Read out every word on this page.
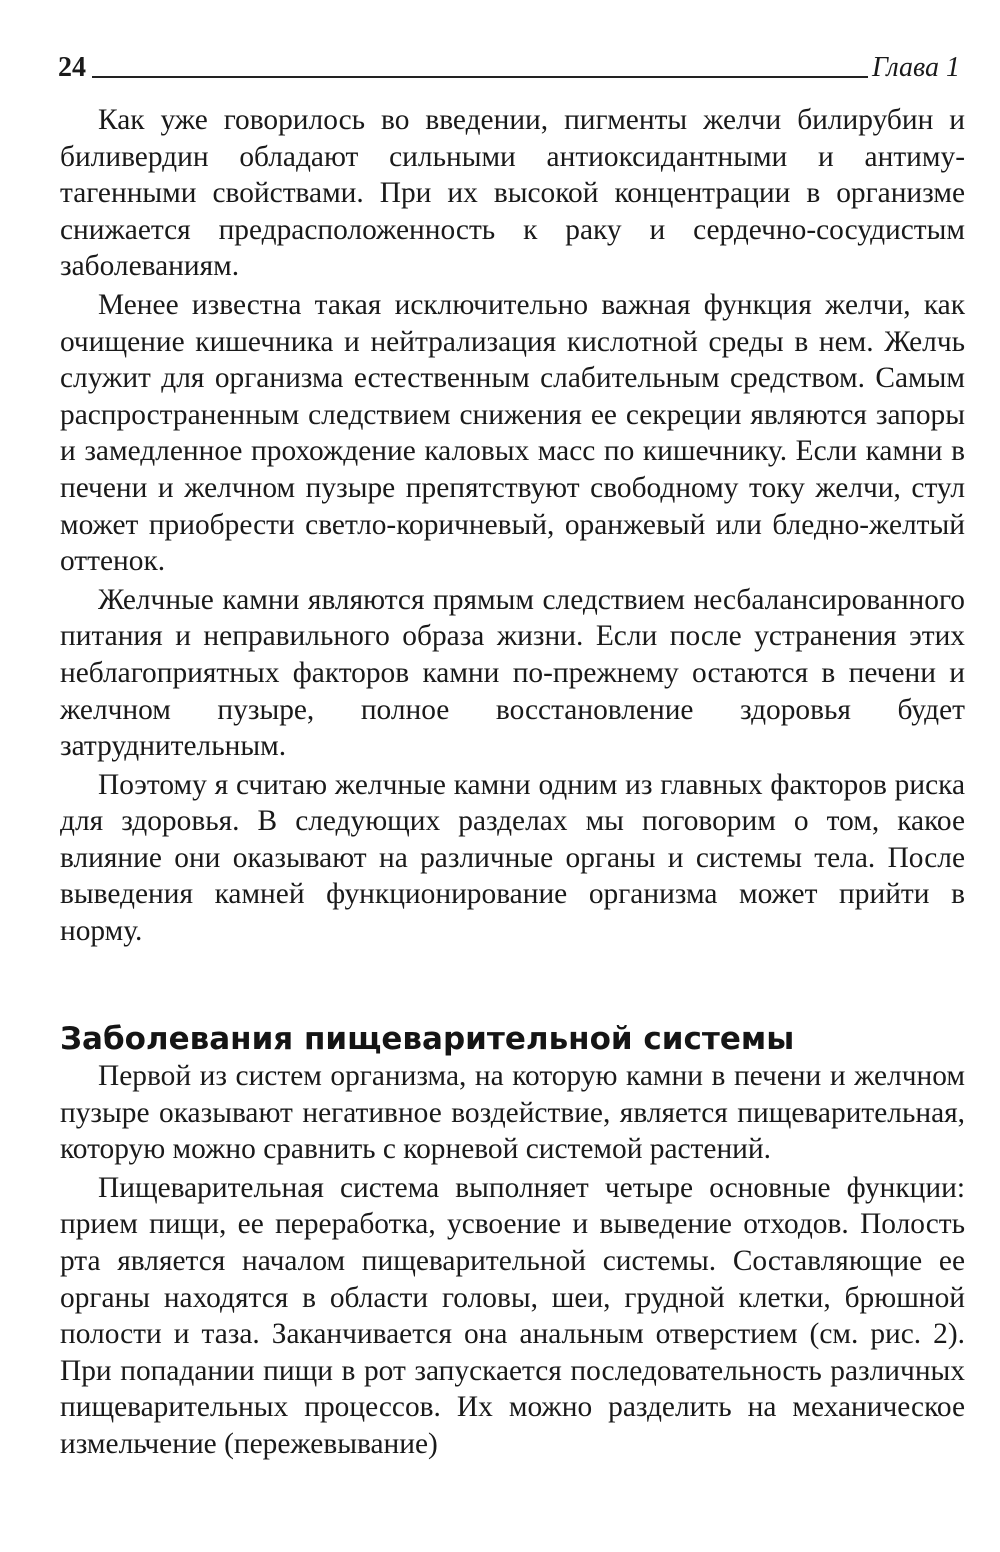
24	Глава 1

Как уже говорилось во введении, пигменты желчи билирубин и биливердин обладают сильными антиоксидантными и антимутагенными свойствами. При их высокой концентрации в организме снижается предрасположенность к раку и сердечно-сосудистым заболеваниям.

Менее известна такая исключительно важная функция желчи, как очищение кишечника и нейтрализация кислотной среды в нем. Желчь служит для организма естественным слабительным средством. Самым распространенным следствием снижения ее секреции являются запоры и замедленное прохождение каловых масс по кишечнику. Если камни в печени и желчном пузыре препятствуют свободному току желчи, стул может приобрести светло-коричневый, оранжевый или бледно-желтый оттенок.

Желчные камни являются прямым следствием несбалансированного питания и неправильного образа жизни. Если после устранения этих неблагоприятных факторов камни по-прежнему остаются в печени и желчном пузыре, полное восстановление здоровья будет затруднительным.

Поэтому я считаю желчные камни одним из главных факторов риска для здоровья. В следующих разделах мы поговорим о том, какое влияние они оказывают на различные органы и системы тела. После выведения камней функционирование организма может прийти в норму.

Заболевания пищеварительной системы

Первой из систем организма, на которую камни в печени и желчном пузыре оказывают негативное воздействие, является пищеварительная, которую можно сравнить с корневой системой растений.

Пищеварительная система выполняет четыре основные функции: прием пищи, ее переработка, усвоение и выведение отходов. Полость рта является началом пищеварительной системы. Составляющие ее органы находятся в области головы, шеи, грудной клетки, брюшной полости и таза. Заканчивается она анальным отверстием (см. рис. 2). При попадании пищи в рот запускается последовательность различных пищеварительных процессов. Их можно разделить на механическое измельчение (пережевывание)
